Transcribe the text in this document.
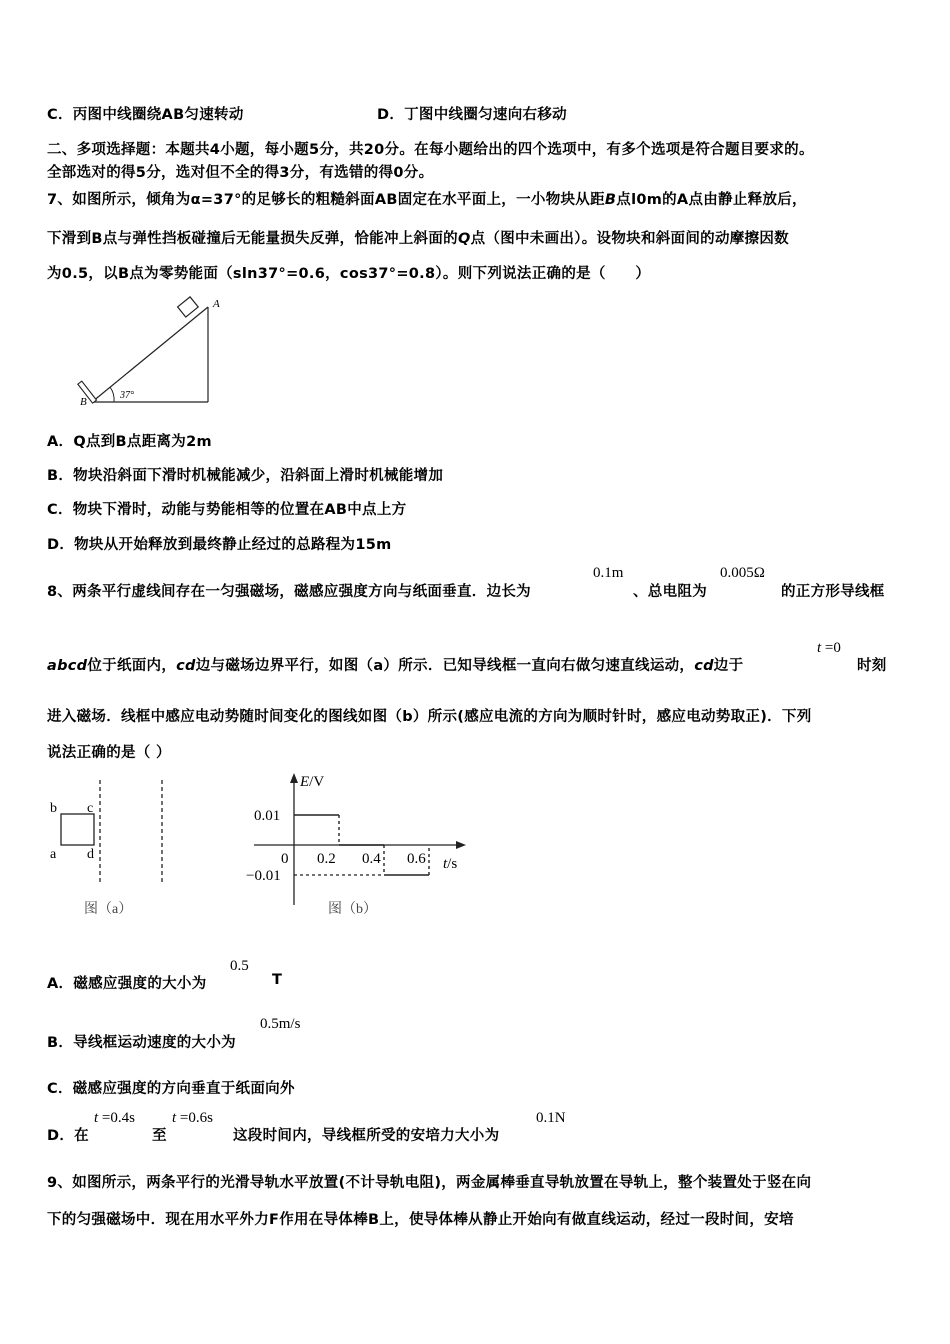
C．丙图中线圈绕AB匀速转动	D．丁图中线圈匀速向右移动
二、多项选择题：本题共4小题，每小题5分，共20分。在每小题给出的四个选项中，有多个选项是符合题目要求的。
全部选对的得5分，选对但不全的得3分，有选错的得0分。
7、如图所示，倾角为α=37°的足够长的粗糙斜面AB固定在水平面上，一小物块从距B点l0m的A点由静止释放后，
下滑到B点与弹性挡板碰撞后无能量损失反弹，恰能冲上斜面的Q点（图中未画出）。设物块和斜面间的动摩擦因数
为0.5，以B点为零势能面（sln37°=0.6，cos37°=0.8）。则下列说法正确的是（　　）
A
B
37°
A．Q点到B点距离为2m
B．物块沿斜面下滑时机械能减少，沿斜面上滑时机械能增加
C．物块下滑时，动能与势能相等的位置在AB中点上方
D．物块从开始释放到最终静止经过的总路程为15m
8、两条平行虚线间存在一匀强磁场，磁感应强度方向与纸面垂直．边长为
0.1m
、总电阻为
0.005Ω
的正方形导线框
abcd位于纸面内，cd边与磁场边界平行，如图（a）所示．已知导线框一直向右做匀速直线运动，cd边于
t =0
时刻
进入磁场．线框中感应电动势随时间变化的图线如图（b）所示(感应电流的方向为顺时针时，感应电动势取正)．下列
说法正确的是（ ）
b c
a d
图（a）
E/V
t/s
图（b）
0.01
−0.01
0 0.2 0.4 0.6
A．磁感应强度的大小为
0.5
T
B．导线框运动速度的大小为
0.5m/s
C．磁感应强度的方向垂直于纸面向外
D．在
t =0.4s
至
t =0.6s
这段时间内，导线框所受的安培力大小为
0.1N
9、如图所示，两条平行的光滑导轨水平放置(不计导轨电阻)，两金属棒垂直导轨放置在导轨上，整个装置处于竖在向
下的匀强磁场中．现在用水平外力F作用在导体棒B上，使导体棒从静止开始向有做直线运动，经过一段时间，安培
